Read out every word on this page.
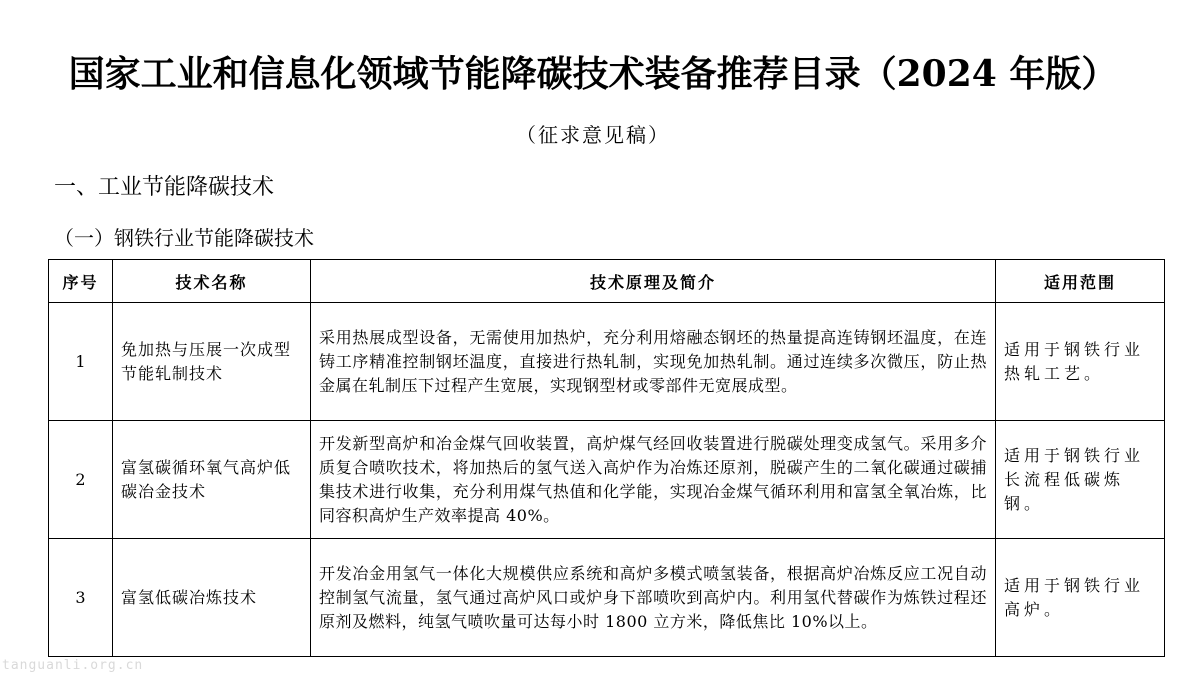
国家工业和信息化领域节能降碳技术装备推荐目录（2024 年版）
（征求意见稿）
一、工业节能降碳技术
（一）钢铁行业节能降碳技术
序号	技术名称	技术原理及简介	适用范围
1	免加热与压展一次成型节能轧制技术	采用热展成型设备，无需使用加热炉，充分利用熔融态钢坯的热量提高连铸钢坯温度，在连铸工序精准控制钢坯温度，直接进行热轧制，实现免加热轧制。通过连续多次微压，防止热金属在轧制压下过程产生宽展，实现钢型材或零部件无宽展成型。	适用于钢铁行业热轧工艺。
2	富氢碳循环氧气高炉低碳冶金技术	开发新型高炉和冶金煤气回收装置，高炉煤气经回收装置进行脱碳处理变成氢气。采用多介质复合喷吹技术，将加热后的氢气送入高炉作为冶炼还原剂，脱碳产生的二氧化碳通过碳捕集技术进行收集，充分利用煤气热值和化学能，实现冶金煤气循环利用和富氢全氧冶炼，比同容积高炉生产效率提高 40%。	适用于钢铁行业长流程低碳炼钢。
3	富氢低碳冶炼技术	开发冶金用氢气一体化大规模供应系统和高炉多模式喷氢装备，根据高炉冶炼反应工况自动控制氢气流量，氢气通过高炉风口或炉身下部喷吹到高炉内。利用氢代替碳作为炼铁过程还原剂及燃料，纯氢气喷吹量可达每小时 1800 立方米，降低焦比 10%以上。	适用于钢铁行业高炉。
tanguanli.org.cn
